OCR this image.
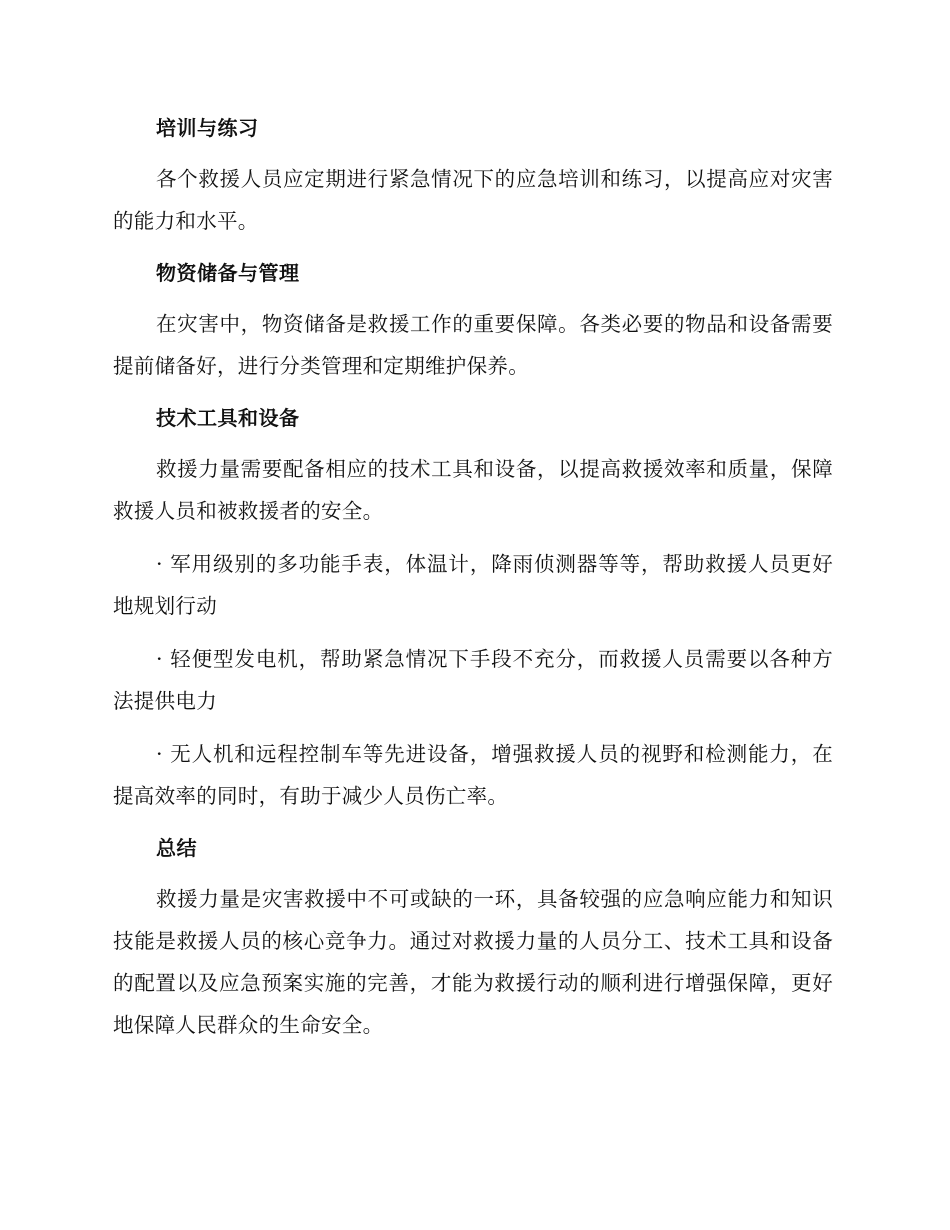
培训与练习

各个救援人员应定期进行紧急情况下的应急培训和练习，以提高应对灾害的能力和水平。

物资储备与管理

在灾害中，物资储备是救援工作的重要保障。各类必要的物品和设备需要提前储备好，进行分类管理和定期维护保养。

技术工具和设备

救援力量需要配备相应的技术工具和设备，以提高救援效率和质量，保障救援人员和被救援者的安全。

· 军用级别的多功能手表，体温计，降雨侦测器等等，帮助救援人员更好地规划行动

· 轻便型发电机，帮助紧急情况下手段不充分，而救援人员需要以各种方法提供电力

· 无人机和远程控制车等先进设备，增强救援人员的视野和检测能力，在提高效率的同时，有助于减少人员伤亡率。

总结

救援力量是灾害救援中不可或缺的一环，具备较强的应急响应能力和知识技能是救援人员的核心竞争力。通过对救援力量的人员分工、技术工具和设备的配置以及应急预案实施的完善，才能为救援行动的顺利进行增强保障，更好地保障人民群众的生命安全。
